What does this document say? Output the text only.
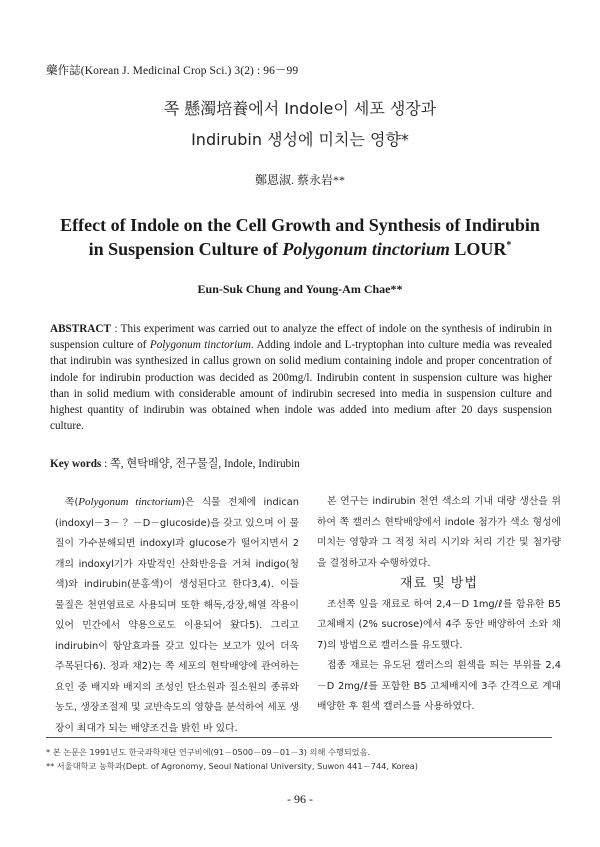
藥作誌(Korean J. Medicinal Crop Sci.) 3(2) : 96－99
쪽 懸濁培養에서 Indole이 세포 생장과
Indirubin 생성에 미치는 영향*
鄭恩淑. 蔡永岩**
Effect of Indole on the Cell Growth and Synthesis of Indirubin
in Suspension Culture of Polygonum tinctorium LOUR*
Eun-Suk Chung and Young-Am Chae**
ABSTRACT : This experiment was carried out to analyze the effect of indole on the synthesis of indirubin in suspension culture of Polygonum tinctorium. Adding indole and L-tryptophan into culture media was revealed that indirubin was synthesized in callus grown on solid medium containing indole and proper concentration of indole for indirubin production was decided as 200mg/l. Indirubin content in suspension culture was higher than in solid medium with considerable amount of indirubin secresed into media in suspension culture and highest quantity of indirubin was obtained when indole was added into medium after 20 days suspension culture.
Key words : 쪽, 현탁배양, 전구물질, Indole, Indirubin

쪽(Polygonum tinctorium)은 식물 전체에 indican (indoxyl－3－ ？－D－glucoside)을 갖고 있으며 이 물질이 가수분해되면 indoxyl과 glucose가 떨어지면서 2개의 indoxyl기가 자발적인 산화반응을 거쳐 indigo(청색)와 indirubin(분홍색)이 생성된다고 한다3,4). 이들 물질은 천연염료로 사용되며 또한 해독,강장,해열 작용이 있어 민간에서 약용으로도 이용되어 왔다5). 그리고 indirubin이 항암효과를 갖고 있다는 보고가 있어 더욱 주목된다6). 정과 채2)는 쪽 세포의 현탁배양에 관여하는 요인 중 배지와 배지의 조성인 탄소원과 질소원의 종류와 농도, 생장조절제 및 교반속도의 영향을 분석하여 세포 생장이 최대가 되는 배양조건을 밝힌 바 있다.

본 연구는 indirubin 천연 색소의 기내 대량 생산을 위하여 쪽 캘러스 현탁배양에서 indole 첨가가 색소 형성에 미치는 영향과 그 적정 처리 시기와 처리 기간 및 첨가량을 결정하고자 수행하였다.

재료 및 방법

조선쪽 잎을 재료로 하여 2,4－D 1mg/ℓ를 함유한 B5 고체배지 (2% sucrose)에서 4주 동안 배양하여 소와 채7)의 방법으로 캘러스를 유도했다.

접종 재료는 유도된 캘러스의 흰색을 띄는 부위를 2,4－D 2mg/ℓ를 포함한 B5 고체배지에 3주 간격으로 계대배양한 후 흰색 캘러스를 사용하였다.

* 본 논문은 1991년도 한국과학재단 연구비에(91－0500－09－01－3) 의해 수행되었음.
** 서울대학교 농학과(Dept. of Agronomy, Seoul National University, Suwon 441－744, Korea)
- 96 -
